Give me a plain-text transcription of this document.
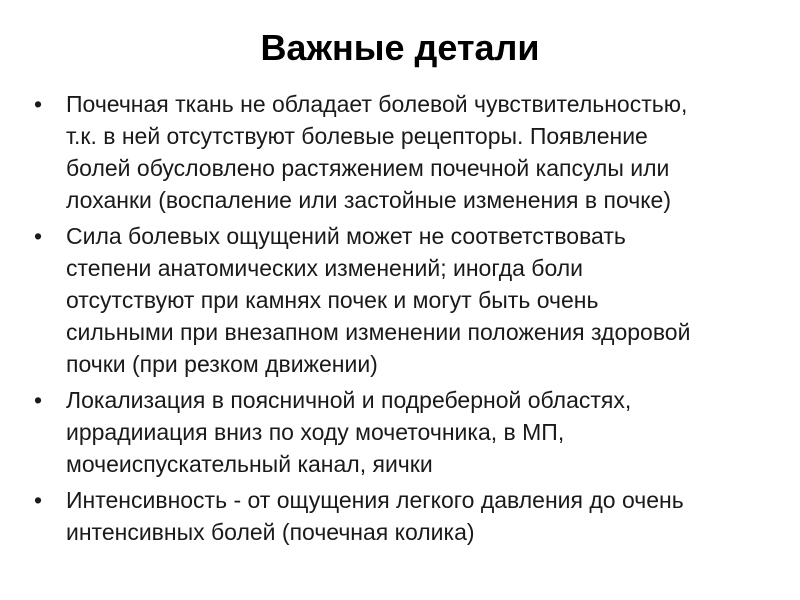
Важные детали
• Почечная ткань не обладает болевой чувствительностью,
т.к. в ней отсутствуют болевые рецепторы. Появление
болей обусловлено растяжением почечной капсулы или
лоханки (воспаление или застойные изменения в почке)
• Сила болевых ощущений может не соответствовать
степени анатомических изменений; иногда боли
отсутствуют при камнях почек и могут быть очень
сильными при внезапном изменении положения здоровой
почки (при резком движении)
• Локализация в поясничной и подреберной областях,
иррадииация вниз по ходу мочеточника, в МП,
мочеиспускательный канал, яички
• Интенсивность - от ощущения легкого давления до очень
интенсивных болей (почечная колика)
